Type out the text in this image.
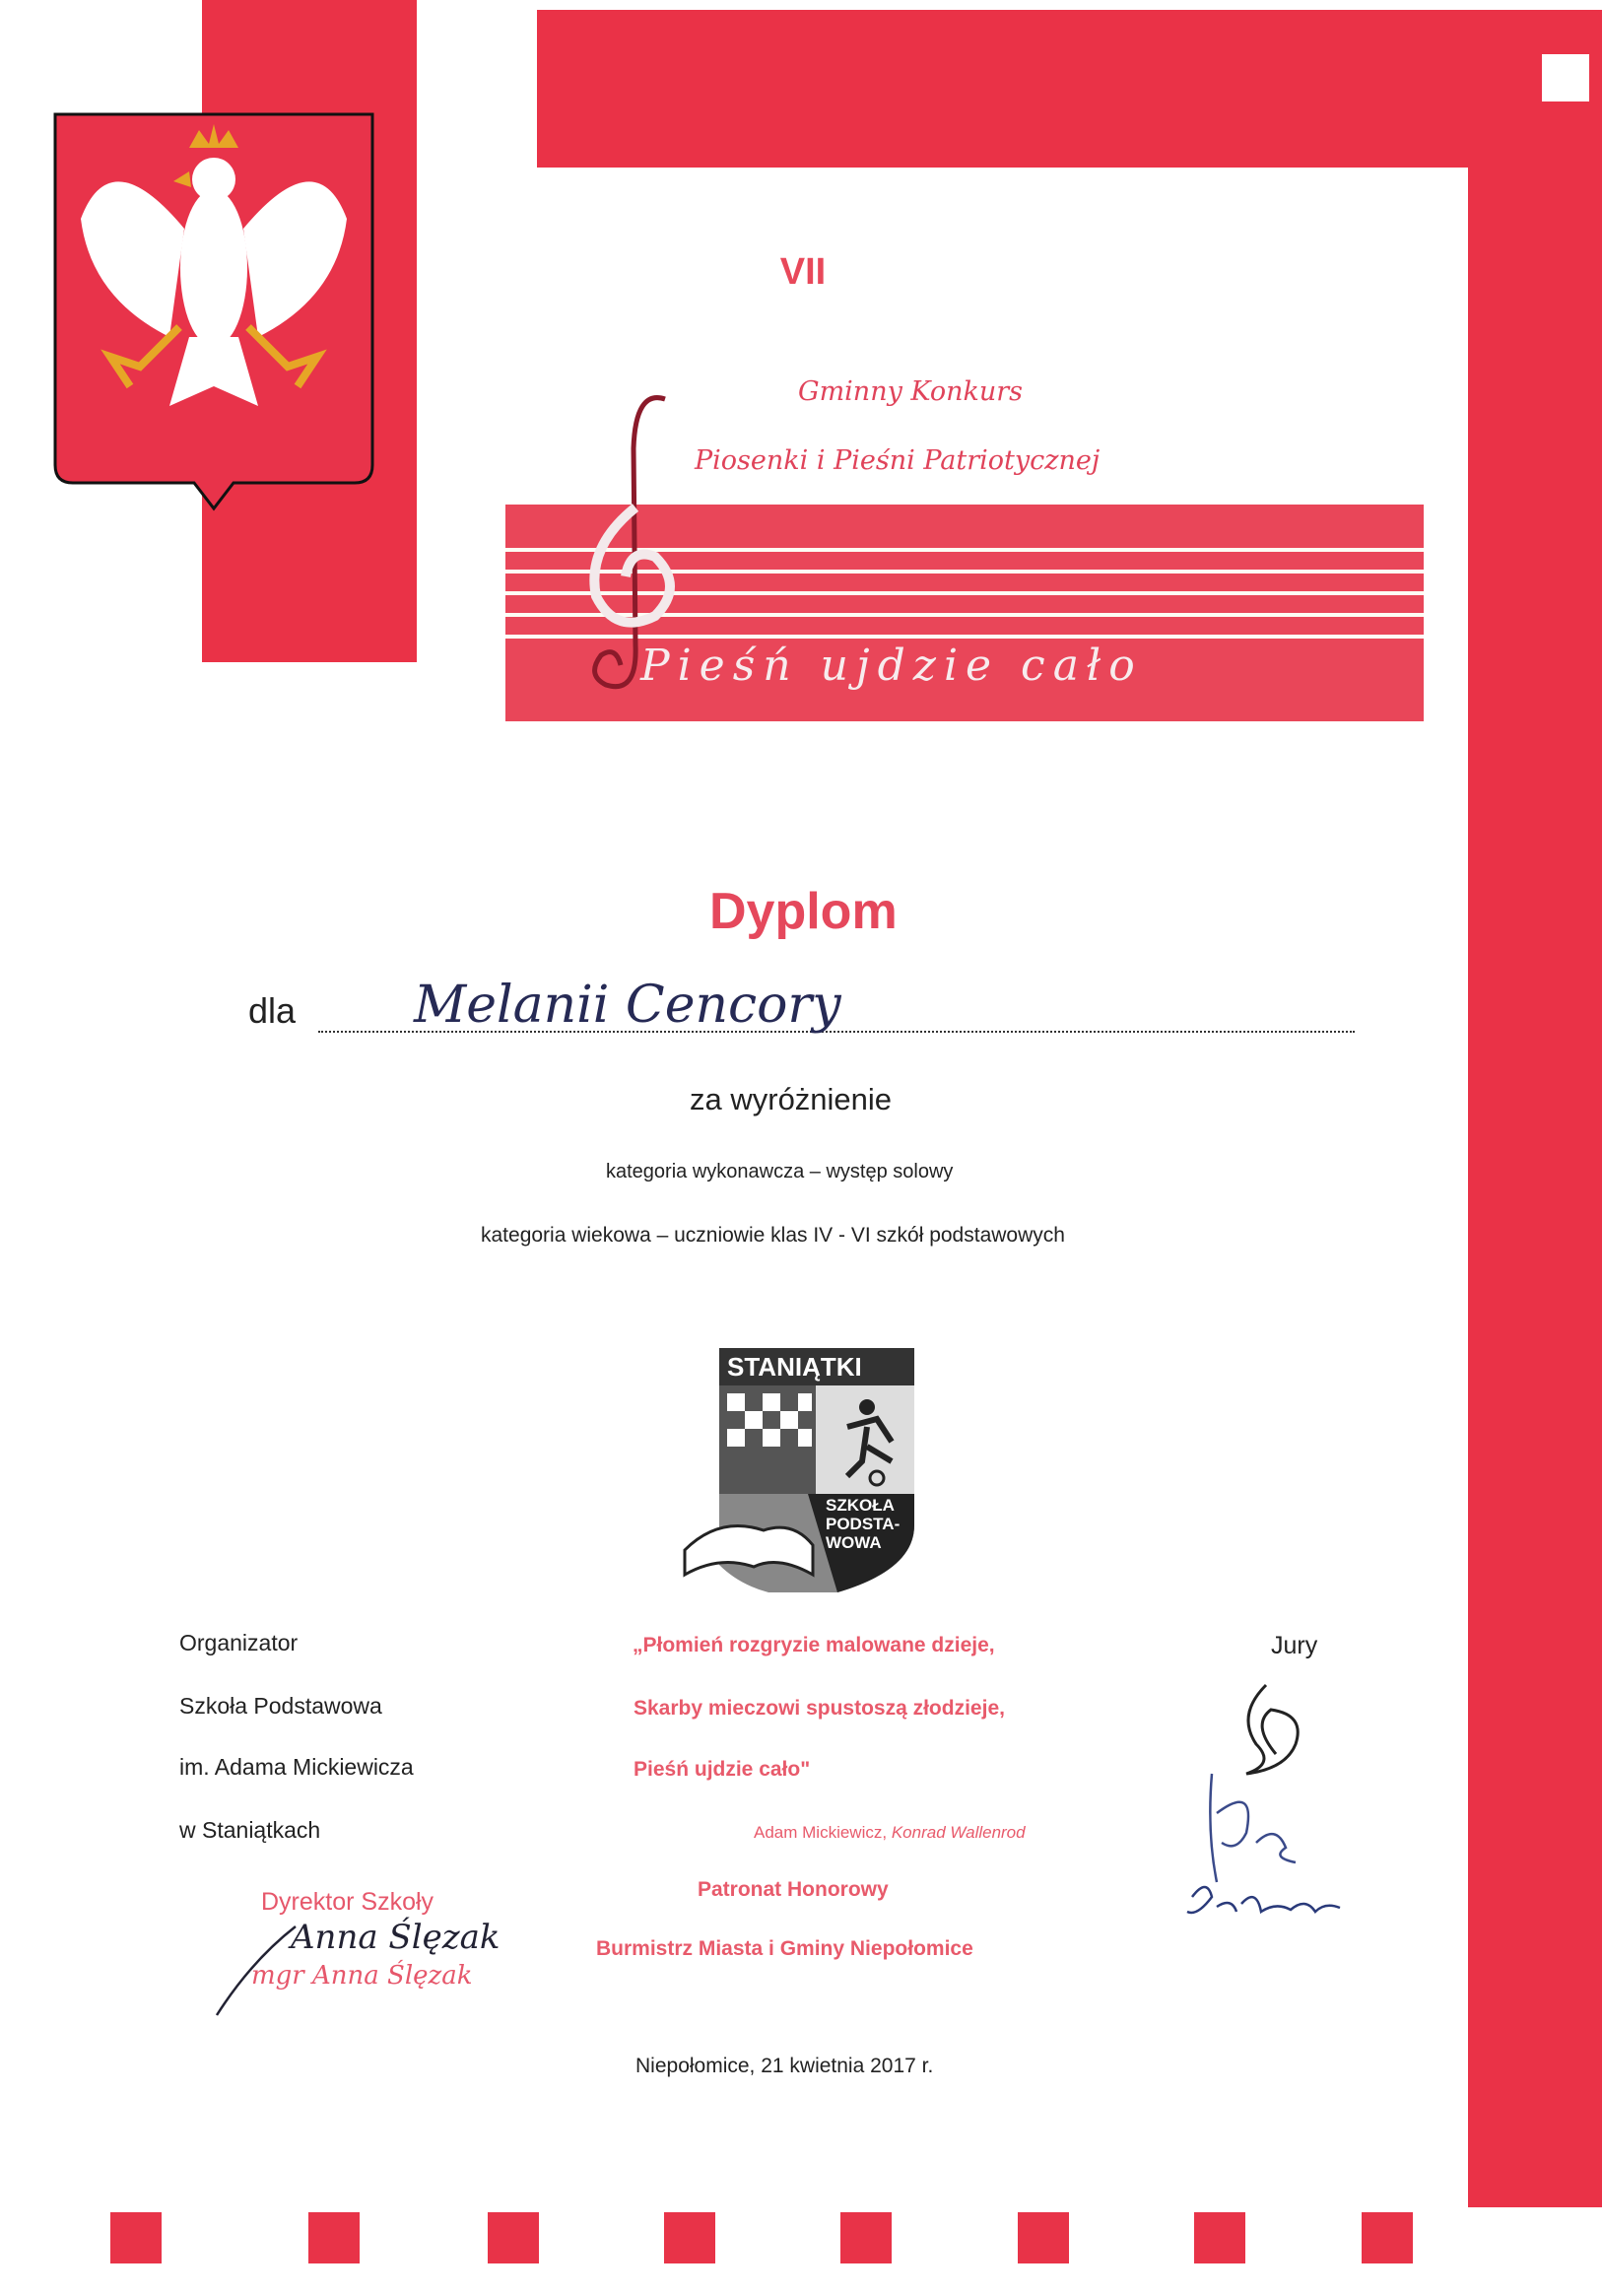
VII
Gminny Konkurs
Piosenki i Pieśni Patriotycznej
Pieśń ujdzie cało
Dyplom
dla Melanii Cencory
za wyróżnienie
kategoria wykonawcza – występ solowy
kategoria wiekowa – uczniowie klas IV - VI szkół podstawowych
STANIĄTKI
SZKOŁA PODSTA-WOWA
Organizator
Szkoła Podstawowa
im. Adama Mickiewicza
w Staniątkach
Dyrektor Szkoły
Anna Ślęzak
mgr Anna Ślęzak
„Płomień rozgryzie malowane dzieje,
Skarby mieczowi spustoszą złodzieje,
Pieśń ujdzie cało"
Adam Mickiewicz, Konrad Wallenrod
Patronat Honorowy
Burmistrz Miasta i Gminy Niepołomice
Jury
Niepołomice, 21 kwietnia 2017 r.
